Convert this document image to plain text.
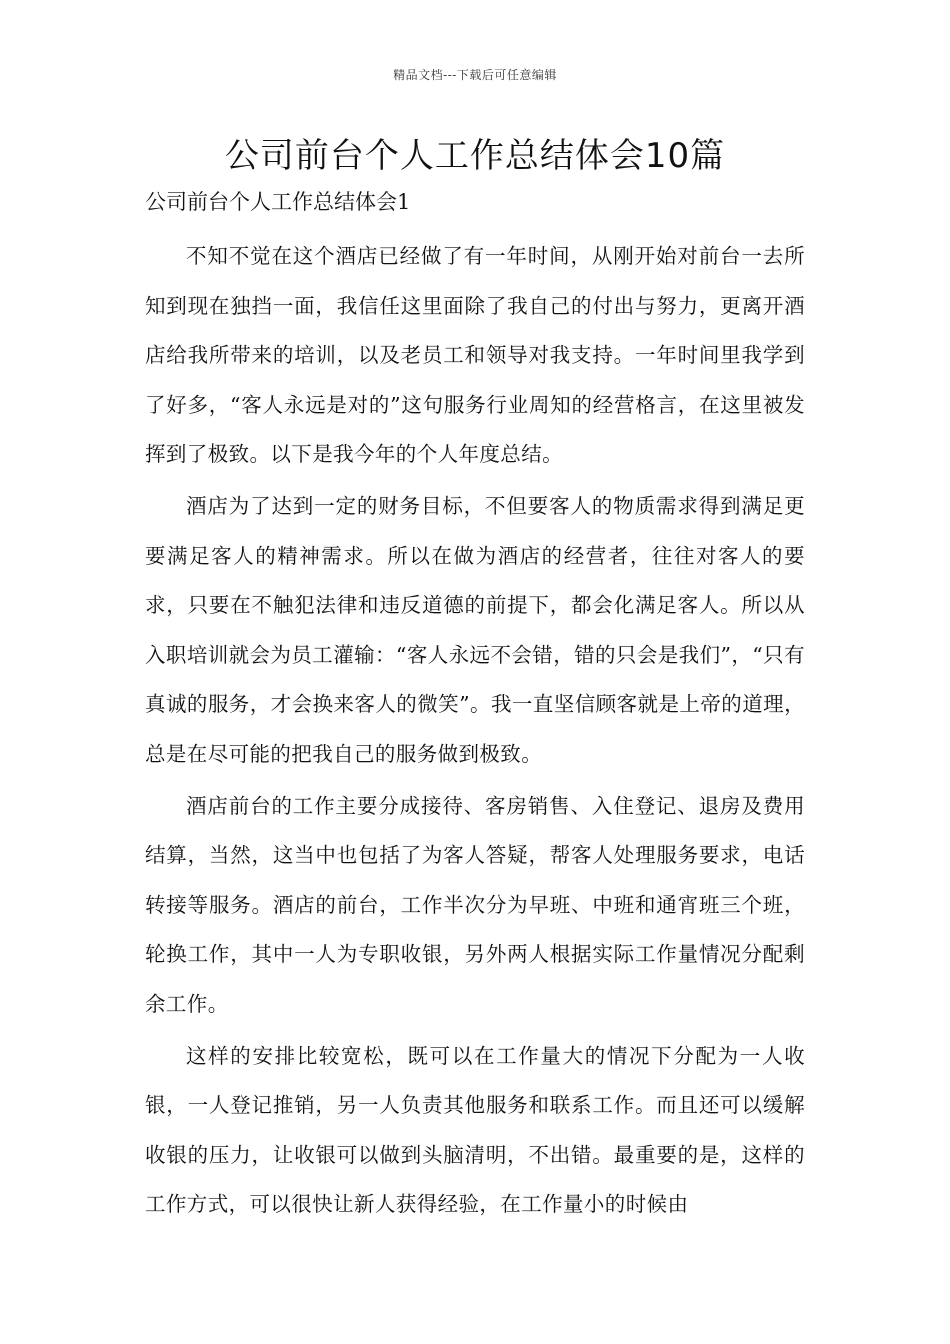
精品文档---下载后可任意编辑
公司前台个人工作总结体会10篇
公司前台个人工作总结体会1

不知不觉在这个酒店已经做了有一年时间，从刚开始对前台一去所知到现在独挡一面，我信任这里面除了我自己的付出与努力，更离开酒店给我所带来的培训，以及老员工和领导对我支持。一年时间里我学到了好多，“客人永远是对的”这句服务行业周知的经营格言，在这里被发挥到了极致。以下是我今年的个人年度总结。

酒店为了达到一定的财务目标，不但要客人的物质需求得到满足更要满足客人的精神需求。所以在做为酒店的经营者，往往对客人的要求，只要在不触犯法律和违反道德的前提下，都会化满足客人。所以从入职培训就会为员工灌输：“客人永远不会错，错的只会是我们”，“只有真诚的服务，才会换来客人的微笑”。我一直坚信顾客就是上帝的道理，总是在尽可能的把我自己的服务做到极致。

酒店前台的工作主要分成接待、客房销售、入住登记、退房及费用结算，当然，这当中也包括了为客人答疑，帮客人处理服务要求，电话转接等服务。酒店的前台，工作半次分为早班、中班和通宵班三个班，轮换工作，其中一人为专职收银，另外两人根据实际工作量情况分配剩余工作。

这样的安排比较宽松，既可以在工作量大的情况下分配为一人收银，一人登记推销，另一人负责其他服务和联系工作。而且还可以缓解收银的压力，让收银可以做到头脑清明，不出错。最重要的是，这样的工作方式，可以很快让新人获得经验，在工作量小的时候由
